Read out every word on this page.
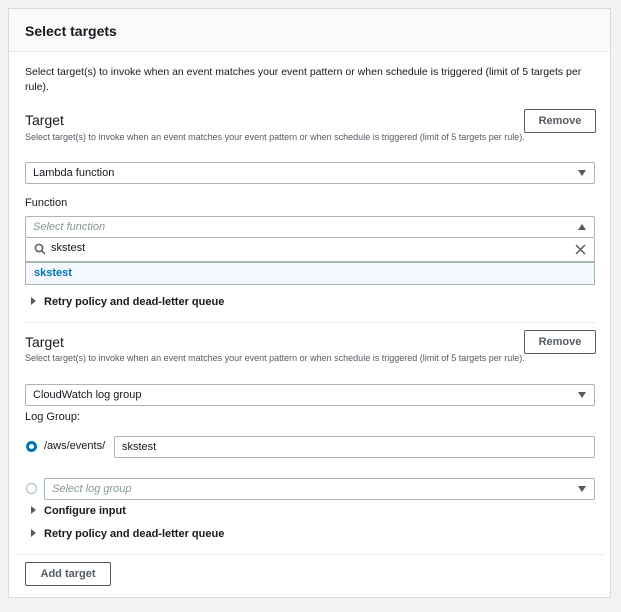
Select targets
Select target(s) to invoke when an event matches your event pattern or when schedule is triggered (limit of 5 targets per rule).
Target	Remove
Select target(s) to invoke when an event matches your event pattern or when schedule is triggered (limit of 5 targets per rule).
Lambda function
Function
Select function
skstest
skstest
Retry policy and dead-letter queue
Target	Remove
Select target(s) to invoke when an event matches your event pattern or when schedule is triggered (limit of 5 targets per rule).
CloudWatch log group
Log Group:
/aws/events/	skstest
Select log group
Configure input
Retry policy and dead-letter queue
Add target
